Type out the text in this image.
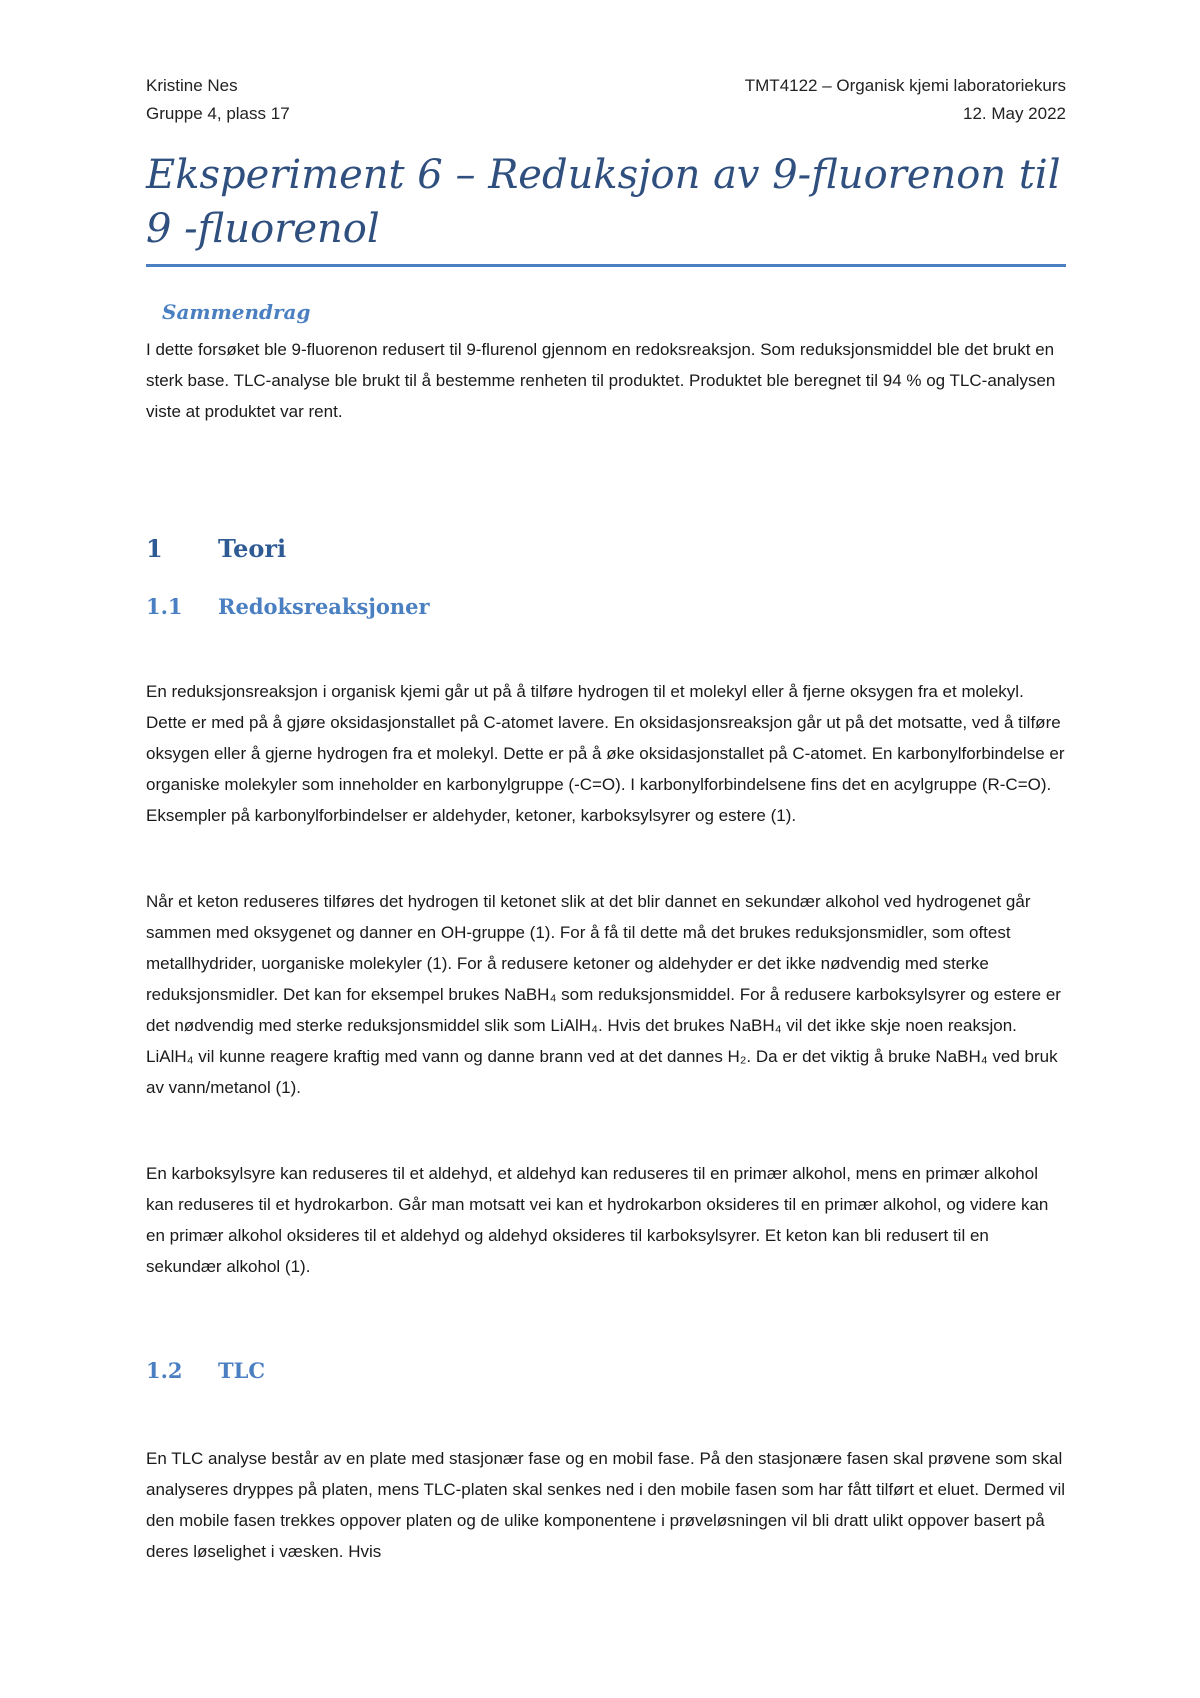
Kristine Nes
Gruppe 4, plass 17
TMT4122 – Organisk kjemi laboratoriekurs
12. May 2022
Eksperiment 6 – Reduksjon av 9-fluorenon til 9 -fluorenol
Sammendrag

I dette forsøket ble 9-fluorenon redusert til 9-flurenol gjennom en redoksreaksjon. Som reduksjonsmiddel ble det brukt en sterk base. TLC-analyse ble brukt til å bestemme renheten til produktet. Produktet ble beregnet til 94 % og TLC-analysen viste at produktet var rent.

1 Teori
1.1 Redoksreaksjoner

En reduksjonsreaksjon i organisk kjemi går ut på å tilføre hydrogen til et molekyl eller å fjerne oksygen fra et molekyl. Dette er med på å gjøre oksidasjonstallet på C-atomet lavere. En oksidasjonsreaksjon går ut på det motsatte, ved å tilføre oksygen eller å gjerne hydrogen fra et molekyl. Dette er på å øke oksidasjonstallet på C-atomet. En karbonylforbindelse er organiske molekyler som inneholder en karbonylgruppe (-C=O). I karbonylforbindelsene fins det en acylgruppe (R-C=O). Eksempler på karbonylforbindelser er aldehyder, ketoner, karboksylsyrer og estere (1).

Når et keton reduseres tilføres det hydrogen til ketonet slik at det blir dannet en sekundær alkohol ved hydrogenet går sammen med oksygenet og danner en OH-gruppe (1). For å få til dette må det brukes reduksjonsmidler, som oftest metallhydrider, uorganiske molekyler (1). For å redusere ketoner og aldehyder er det ikke nødvendig med sterke reduksjonsmidler. Det kan for eksempel brukes NaBH₄ som reduksjonsmiddel. For å redusere karboksylsyrer og estere er det nødvendig med sterke reduksjonsmiddel slik som LiAlH₄. Hvis det brukes NaBH₄ vil det ikke skje noen reaksjon. LiAlH₄ vil kunne reagere kraftig med vann og danne brann ved at det dannes H₂. Da er det viktig å bruke NaBH₄ ved bruk av vann/metanol (1).

En karboksylsyre kan reduseres til et aldehyd, et aldehyd kan reduseres til en primær alkohol, mens en primær alkohol kan reduseres til et hydrokarbon. Går man motsatt vei kan et hydrokarbon oksideres til en primær alkohol, og videre kan en primær alkohol oksideres til et aldehyd og aldehyd oksideres til karboksylsyrer. Et keton kan bli redusert til en sekundær alkohol (1).

1.2 TLC

En TLC analyse består av en plate med stasjonær fase og en mobil fase. På den stasjonære fasen skal prøvene som skal analyseres dryppes på platen, mens TLC-platen skal senkes ned i den mobile fasen som har fått tilført et eluet. Dermed vil den mobile fasen trekkes oppover platen og de ulike komponentene i prøveløsningen vil bli dratt ulikt oppover basert på deres løselighet i væsken. Hvis
